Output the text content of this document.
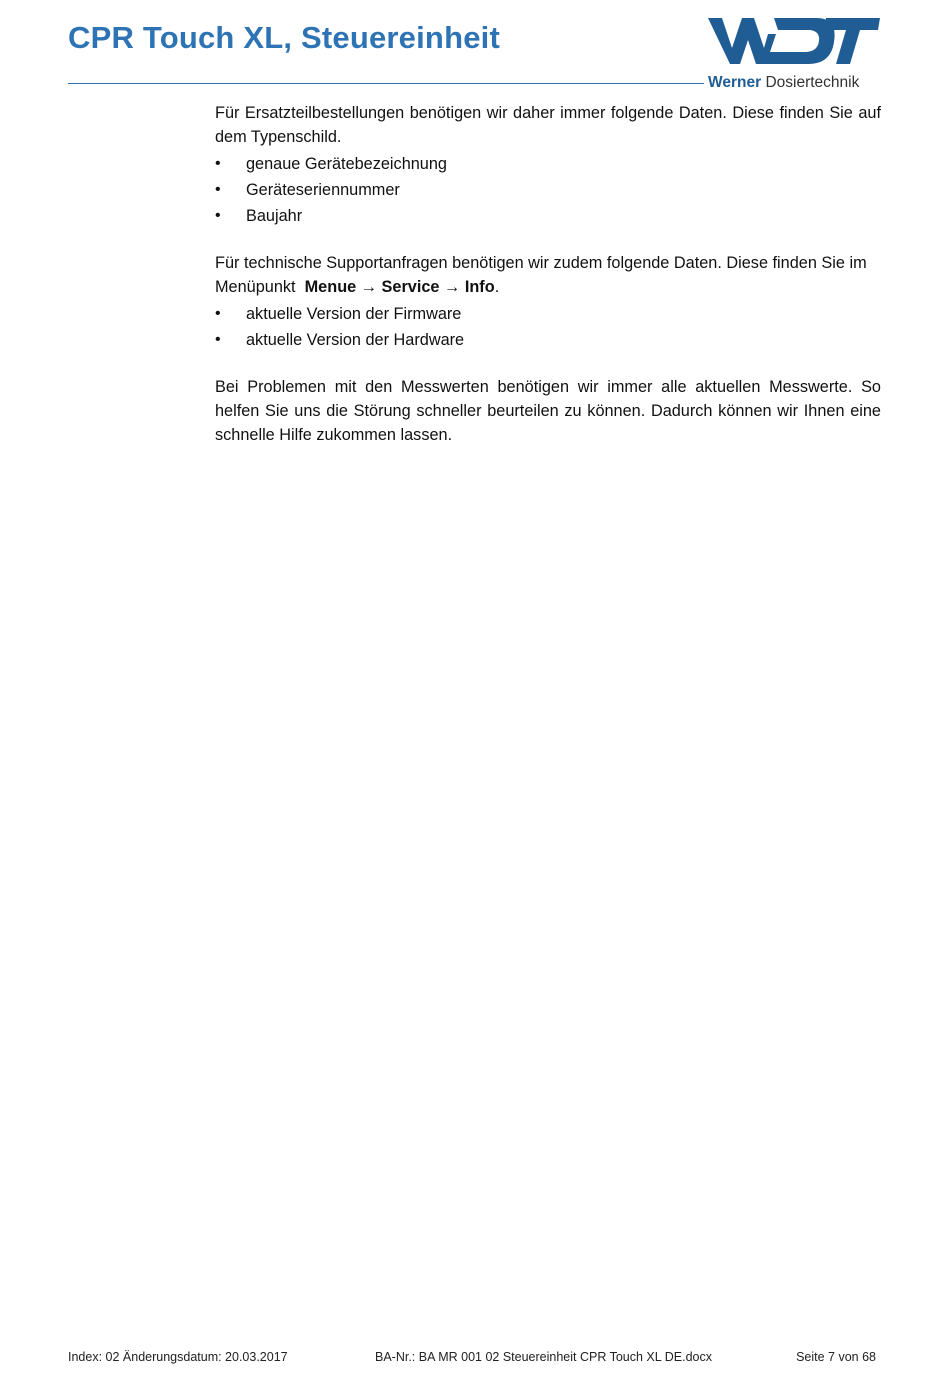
CPR Touch XL, Steuereinheit
Werner Dosiertechnik

Für Ersatzteilbestellungen benötigen wir daher immer folgende Daten. Diese finden Sie auf dem Typenschild.

• genaue Gerätebezeichnung
• Geräteseriennummer
• Baujahr

Für technische Supportanfragen benötigen wir zudem folgende Daten. Diese finden Sie im Menüpunkt Menue → Service → Info.

• aktuelle Version der Firmware
• aktuelle Version der Hardware

Bei Problemen mit den Messwerten benötigen wir immer alle aktuellen Messwerte. So helfen Sie uns die Störung schneller beurteilen zu können. Dadurch können wir Ihnen eine schnelle Hilfe zukommen lassen.

Index: 02 Änderungsdatum: 20.03.2017	BA-Nr.: BA MR 001 02 Steuereinheit CPR Touch XL DE.docx	Seite 7 von 68
